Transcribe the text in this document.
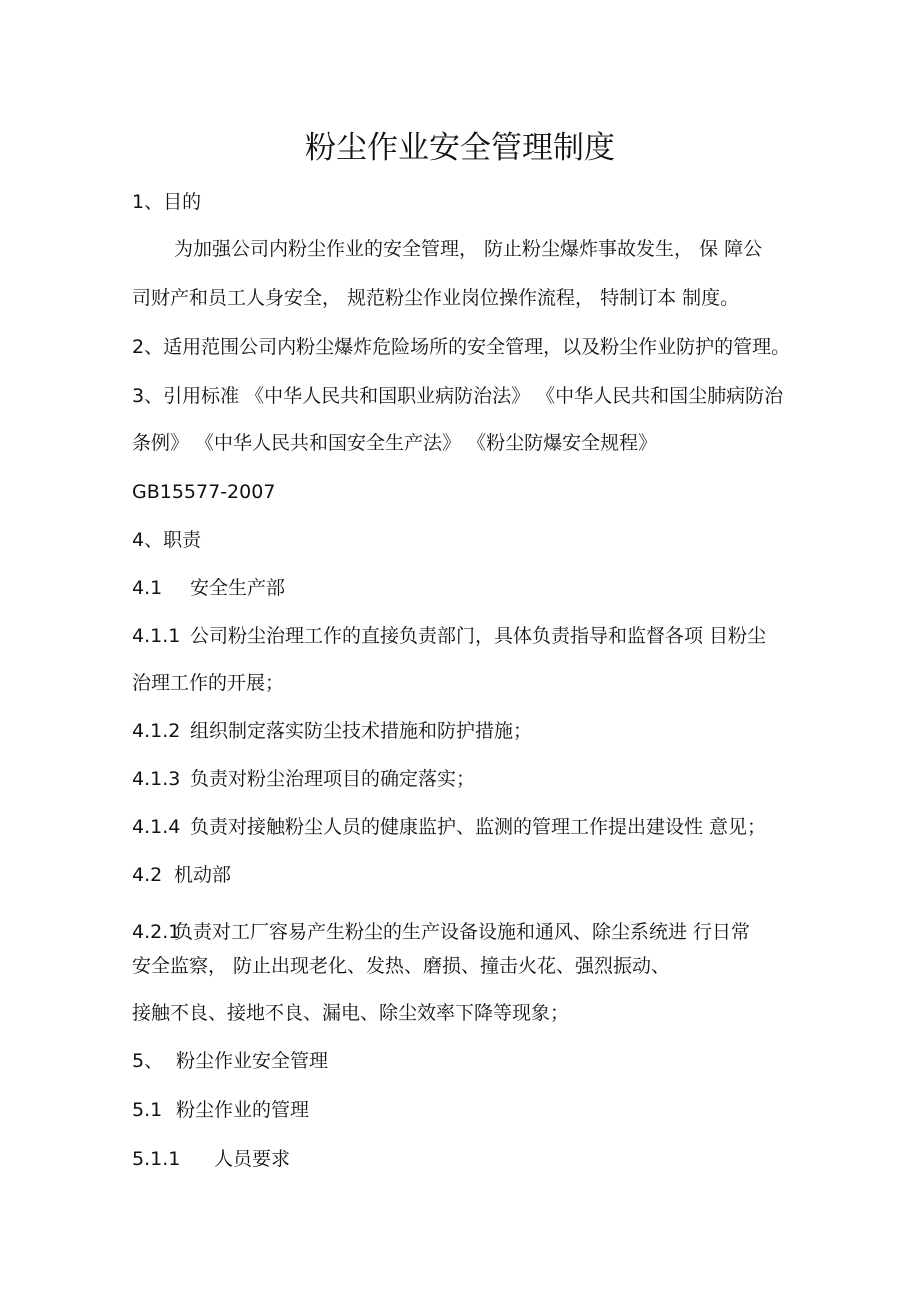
粉尘作业安全管理制度
1、目的
为加强公司内粉尘作业的安全管理， 防止粉尘爆炸事故发生， 保 障公
司财产和员工人身安全， 规范粉尘作业岗位操作流程， 特制订本 制度。
2、适用范围公司内粉尘爆炸危险场所的安全管理，以及粉尘作业防护的管理。
3、引用标准 《中华人民共和国职业病防治法》 《中华人民共和国尘肺病防治
条例》 《中华人民共和国安全生产法》 《粉尘防爆安全规程》
GB15577-2007
4、职责
4.1 安全生产部
4.1.1 公司粉尘治理工作的直接负责部门，具体负责指导和监督各项 目粉尘
治理工作的开展；
4.1.2 组织制定落实防尘技术措施和防护措施；
4.1.3 负责对粉尘治理项目的确定落实；
4.1.4 负责对接触粉尘人员的健康监护、监测的管理工作提出建设性 意见；
4.2 机动部
4.2.1负责对工厂容易产生粉尘的生产设备设施和通风、除尘系统进 行日常
安全监察， 防止出现老化、发热、磨损、撞击火花、强烈振动、
接触不良、接地不良、漏电、除尘效率下降等现象；
5、 粉尘作业安全管理
5.1 粉尘作业的管理
5.1.1 人员要求
